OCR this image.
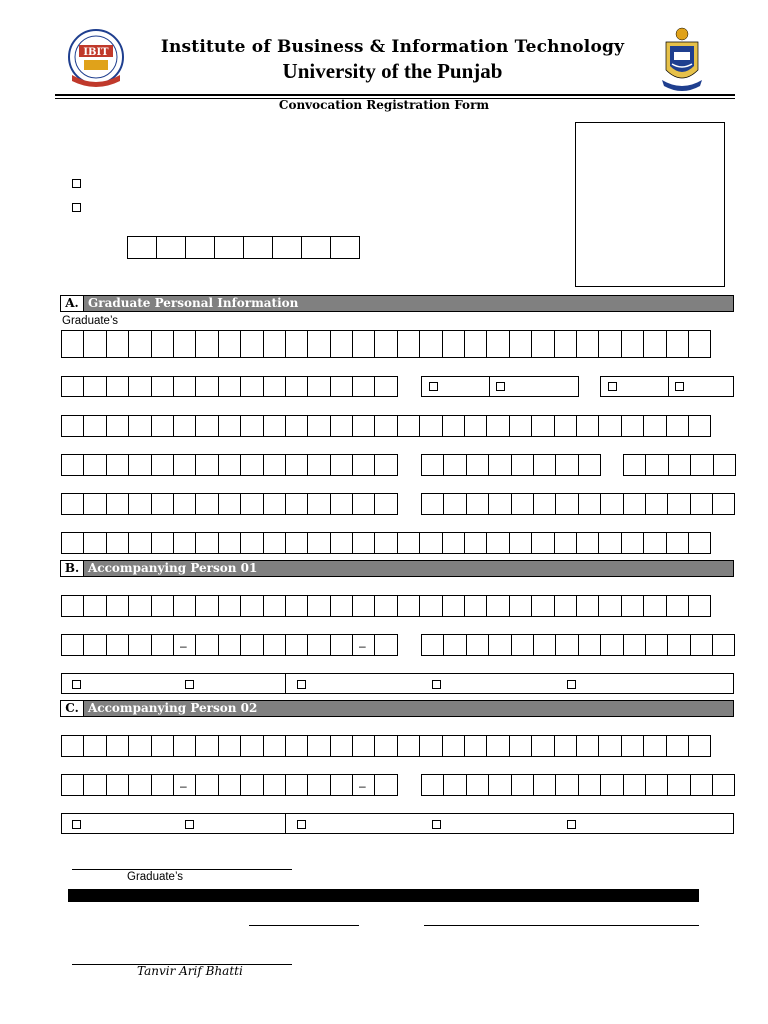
IBIT	Institute of Business & Information Technology
University of the Punjab
Convocation Registration Form
A. Graduate Personal Information
Graduate’s
B. Accompanying Person 01
–	–
C. Accompanying Person 02
–	–
Graduate’s
Tanvir Arif Bhatti
